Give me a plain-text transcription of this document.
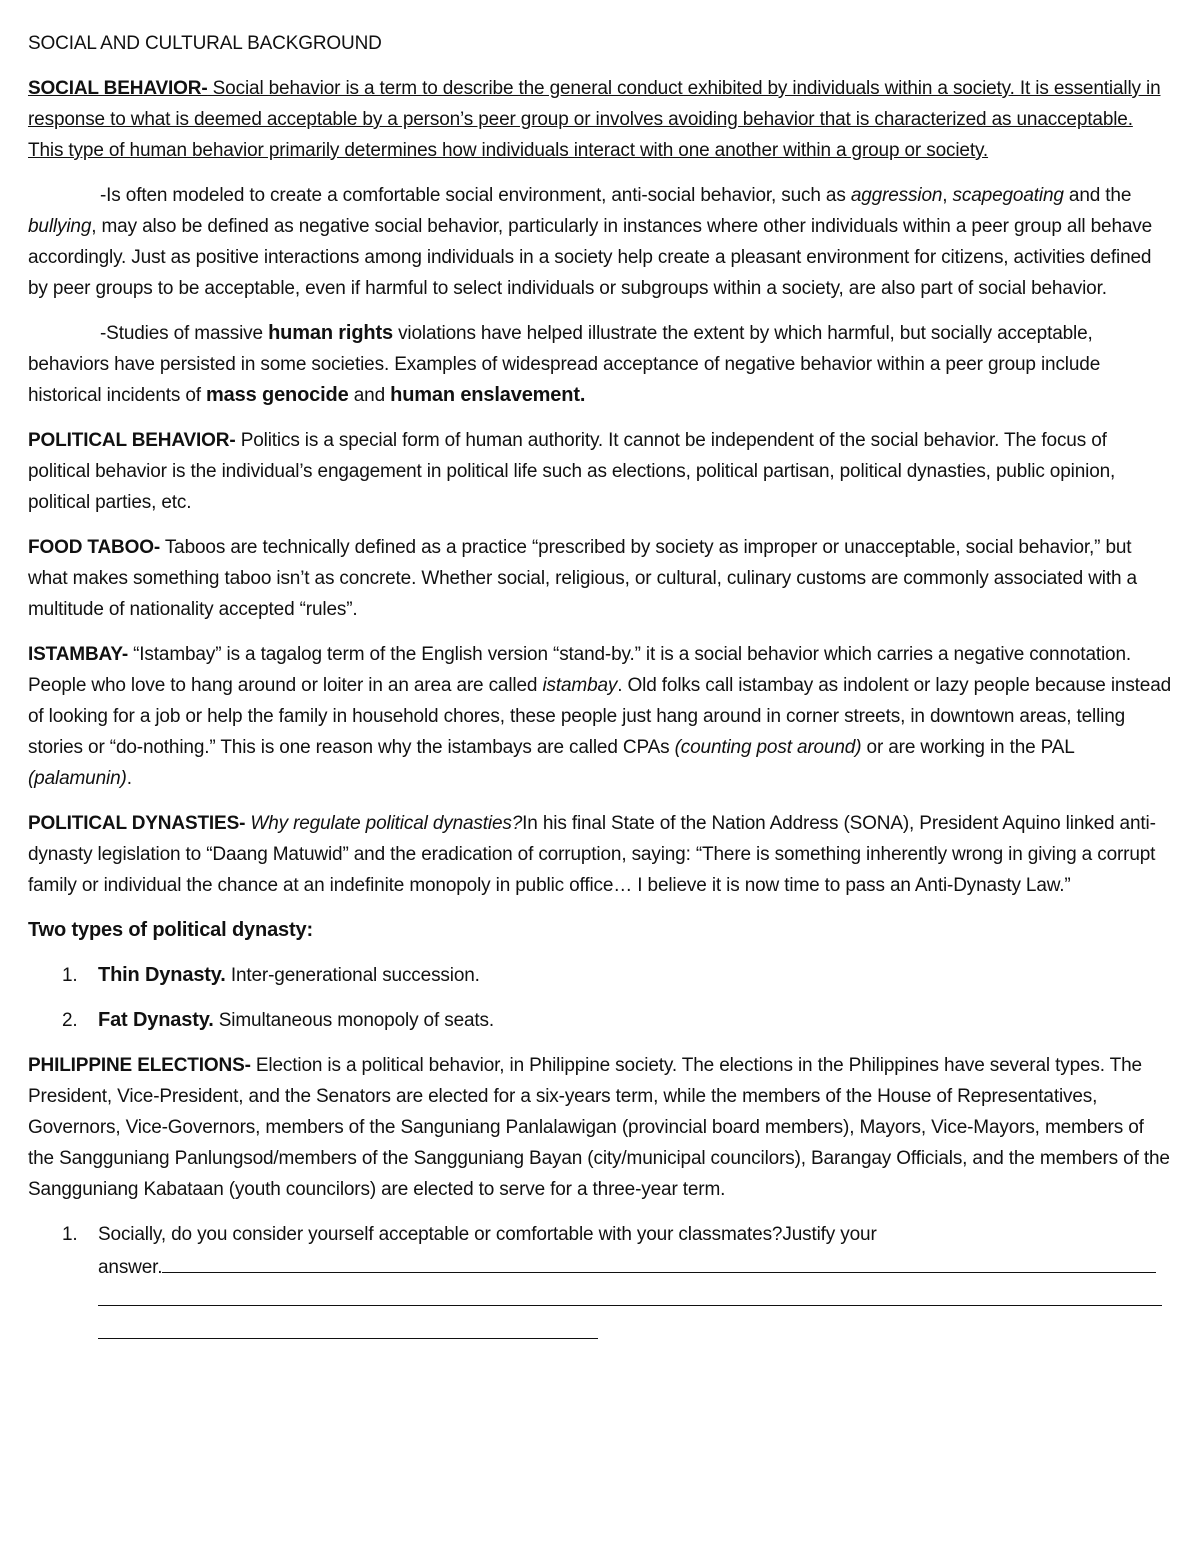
SOCIAL AND CULTURAL BACKGROUND

SOCIAL BEHAVIOR- Social behavior is a term to describe the general conduct exhibited by individuals within a society. It is essentially in response to what is deemed acceptable by a person’s peer group or involves avoiding behavior that is characterized as unacceptable. This type of human behavior primarily determines how individuals interact with one another within a group or society.

-Is often modeled to create a comfortable social environment, anti-social behavior, such as aggression, scapegoating and the bullying, may also be defined as negative social behavior, particularly in instances where other individuals within a peer group all behave accordingly. Just as positive interactions among individuals in a society help create a pleasant environment for citizens, activities defined by peer groups to be acceptable, even if harmful to select individuals or subgroups within a society, are also part of social behavior.

-Studies of massive human rights violations have helped illustrate the extent by which harmful, but socially acceptable, behaviors have persisted in some societies. Examples of widespread acceptance of negative behavior within a peer group include historical incidents of mass genocide and human enslavement.

POLITICAL BEHAVIOR- Politics is a special form of human authority. It cannot be independent of the social behavior. The focus of political behavior is the individual’s engagement in political life such as elections, political partisan, political dynasties, public opinion, political parties, etc.

FOOD TABOO- Taboos are technically defined as a practice “prescribed by society as improper or unacceptable, social behavior,” but what makes something taboo isn’t as concrete. Whether social, religious, or cultural, culinary customs are commonly associated with a multitude of nationality accepted “rules”.

ISTAMBAY- “Istambay” is a tagalog term of the English version “stand-by.” it is a social behavior which carries a negative connotation. People who love to hang around or loiter in an area are called istambay. Old folks call istambay as indolent or lazy people because instead of looking for a job or help the family in household chores, these people just hang around in corner streets, in downtown areas, telling stories or “do-nothing.” This is one reason why the istambays are called CPAs (counting post around) or are working in the PAL (palamunin).

POLITICAL DYNASTIES- Why regulate political dynasties?In his final State of the Nation Address (SONA), President Aquino linked anti-dynasty legislation to “Daang Matuwid” and the eradication of corruption, saying: “There is something inherently wrong in giving a corrupt family or individual the chance at an indefinite monopoly in public office… I believe it is now time to pass an Anti-Dynasty Law.”

Two types of political dynasty:

1. Thin Dynasty. Inter-generational succession.
2. Fat Dynasty. Simultaneous monopoly of seats.

PHILIPPINE ELECTIONS- Election is a political behavior, in Philippine society. The elections in the Philippines have several types. The President, Vice-President, and the Senators are elected for a six-years term, while the members of the House of Representatives, Governors, Vice-Governors, members of the Sanguniang Panlalawigan (provincial board members), Mayors, Vice-Mayors, members of the Sangguniang Panlungsod/members of the Sangguniang Bayan (city/municipal councilors), Barangay Officials, and the members of the Sangguniang Kabataan (youth councilors) are elected to serve for a three-year term.

1. Socially, do you consider yourself acceptable or comfortable with your classmates?Justify your

answer.
